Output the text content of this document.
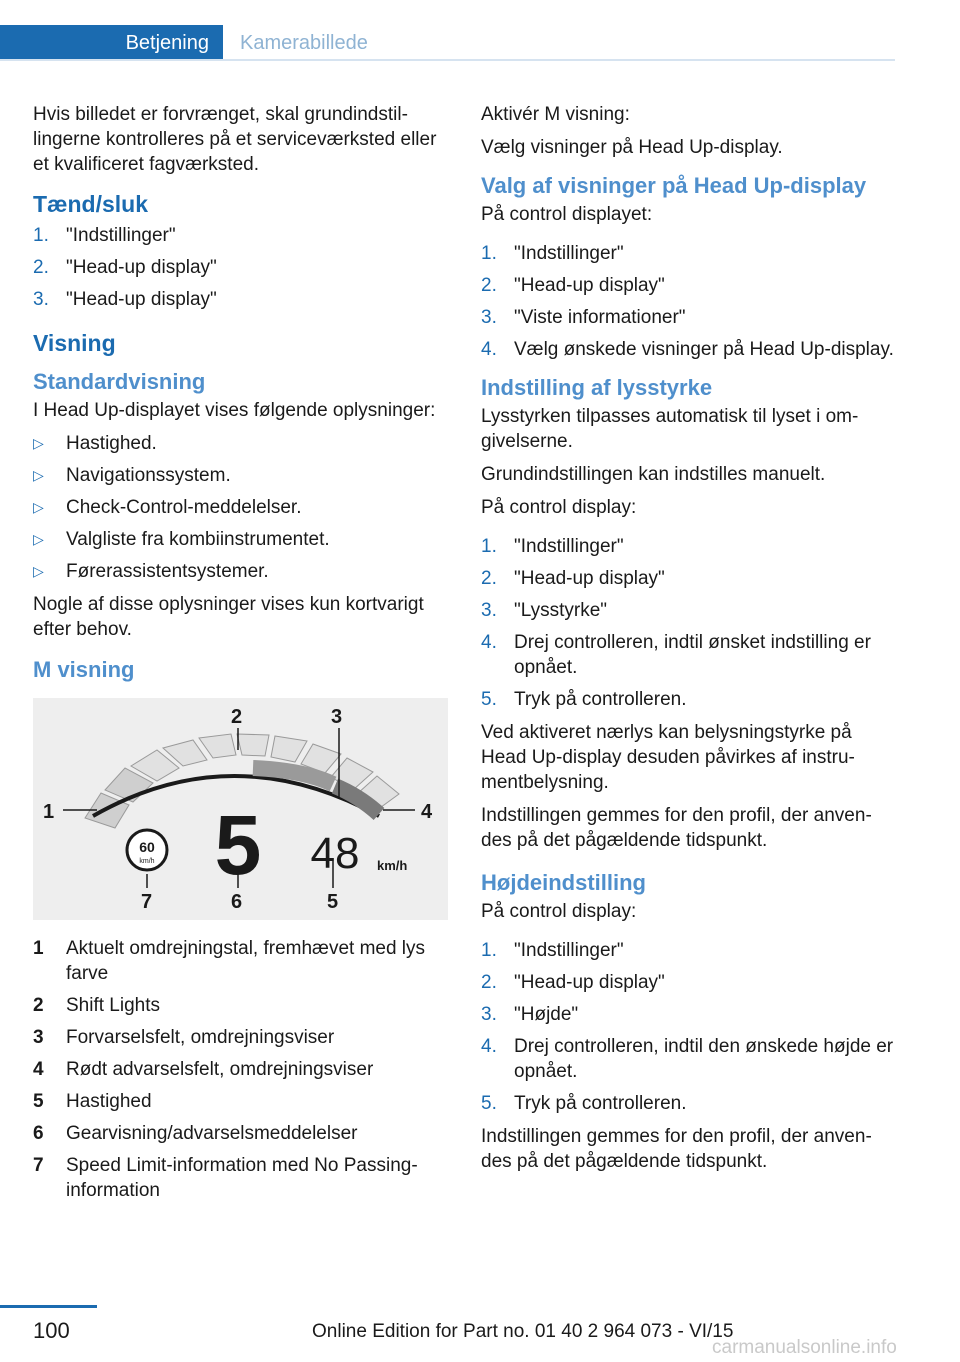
Betjening	Kamerabillede

Hvis billedet er forvrænget, skal grundindstillingerne kontrolleres på et serviceværksted eller et kvalificeret fagværksted.

Tænd/sluk
1. "Indstillinger"
2. "Head-up display"
3. "Head-up display"
Visning
Standardvisning

I Head Up-displayet vises følgende oplysninger:

▷ Hastighed.
▷ Navigationssystem.
▷ Check-Control-meddelelser.
▷ Valgliste fra kombiinstrumentet.
▷ Førerassistentsystemer.

Nogle af disse oplysninger vises kun kortvarigt efter behov.

M visning
1
2	3
4
5
6
7
60
km/h 5 48 km/h
1 Aktuelt omdrejningstal, fremhævet med lys farve
2 Shift Lights
3 Forvarselsfelt, omdrejningsviser
4 Rødt advarselsfelt, omdrejningsviser
5 Hastighed
6 Gearvisning/advarselsmeddelelser
7 Speed Limit-information med No Passing-information

Aktivér M visning:

Vælg visninger på Head Up-display.

Valg af visninger på Head Up-display

På control displayet:

1. "Indstillinger"
2. "Head-up display"
3. "Viste informationer"
4. Vælg ønskede visninger på Head Up-display.
Indstilling af lysstyrke

Lysstyrken tilpasses automatisk til lyset i omgivelserne.

Grundindstillingen kan indstilles manuelt.

På control display:

1. "Indstillinger"
2. "Head-up display"
3. "Lysstyrke"
4. Drej controlleren, indtil ønsket indstilling er opnået.
5. Tryk på controlleren.

Ved aktiveret nærlys kan belysningstyrke på Head Up-display desuden påvirkes af instrumentbelysning.

Indstillingen gemmes for den profil, der anvendes på det pågældende tidspunkt.

Højdeindstilling

På control display:

1. "Indstillinger"
2. "Head-up display"
3. "Højde"
4. Drej controlleren, indtil den ønskede højde er opnået.
5. Tryk på controlleren.

Indstillingen gemmes for den profil, der anvendes på det pågældende tidspunkt.

100	Online Edition for Part no. 01 40 2 964 073 - VI/15
carmanualsonline.info
